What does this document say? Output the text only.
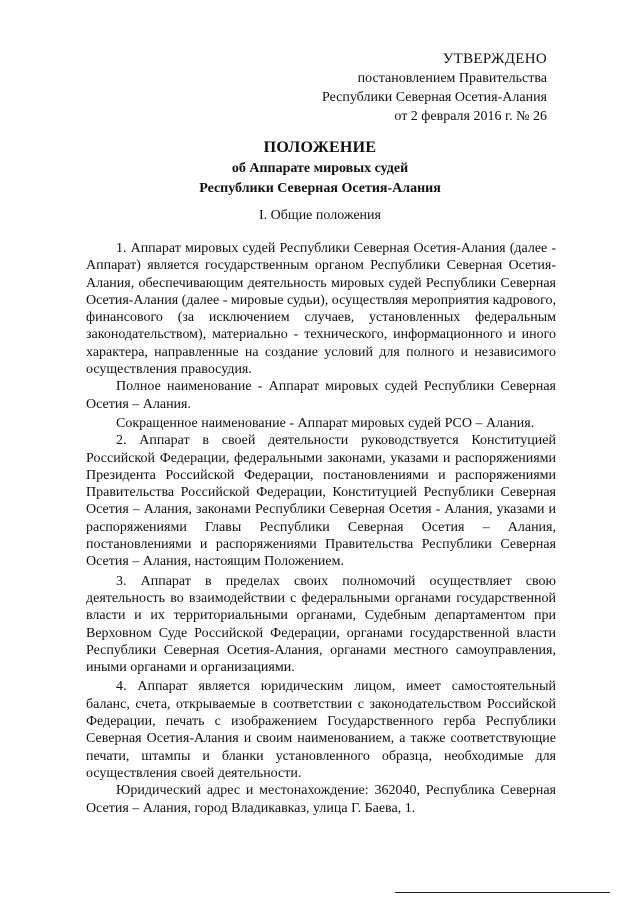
УТВЕРЖДЕНО
постановлением Правительства
Республики Северная Осетия-Алания
от 2 февраля 2016 г. № 26
ПОЛОЖЕНИЕ
об Аппарате мировых судей
Республики Северная Осетия-Алания
I. Общие положения

1. Аппарат мировых судей Республики Северная Осетия-Алания (далее - Аппарат) является государственным органом Республики Северная Осетия-Алания, обеспечивающим деятельность мировых судей Республики Северная Осетия-Алания (далее - мировые судьи), осуществляя мероприятия кадрового, финансового (за исключением случаев, установленных федеральным законодательством), материально - технического, информационного и иного характера, направленные на создание условий для полного и независимого осуществления правосудия.

Полное наименование - Аппарат мировых судей Республики Северная Осетия – Алания.

Сокращенное наименование - Аппарат мировых судей РСО – Алания.

2. Аппарат в своей деятельности руководствуется Конституцией Российской Федерации, федеральными законами, указами и распоряжениями Президента Российской Федерации, постановлениями и распоряжениями Правительства Российской Федерации, Конституцией Республики Северная Осетия – Алания, законами Республики Северная Осетия - Алания, указами и распоряжениями Главы Республики Северная Осетия – Алания, постановлениями и распоряжениями Правительства Республики Северная Осетия – Алания, настоящим Положением.

3. Аппарат в пределах своих полномочий осуществляет свою деятельность во взаимодействии с федеральными органами государственной власти и их территориальными органами, Судебным департаментом при Верховном Суде Российской Федерации, органами государственной власти Республики Северная Осетия-Алания, органами местного самоуправления, иными органами и организациями.

4. Аппарат является юридическим лицом, имеет самостоятельный баланс, счета, открываемые в соответствии с законодательством Российской Федерации, печать с изображением Государственного герба Республики Северная Осетия-Алания и своим наименованием, а также соответствующие печати, штампы и бланки установленного образца, необходимые для осуществления своей деятельности.

Юридический адрес и местонахождение: 362040, Республика Северная Осетия – Алания, город Владикавказ, улица Г. Баева, 1.
